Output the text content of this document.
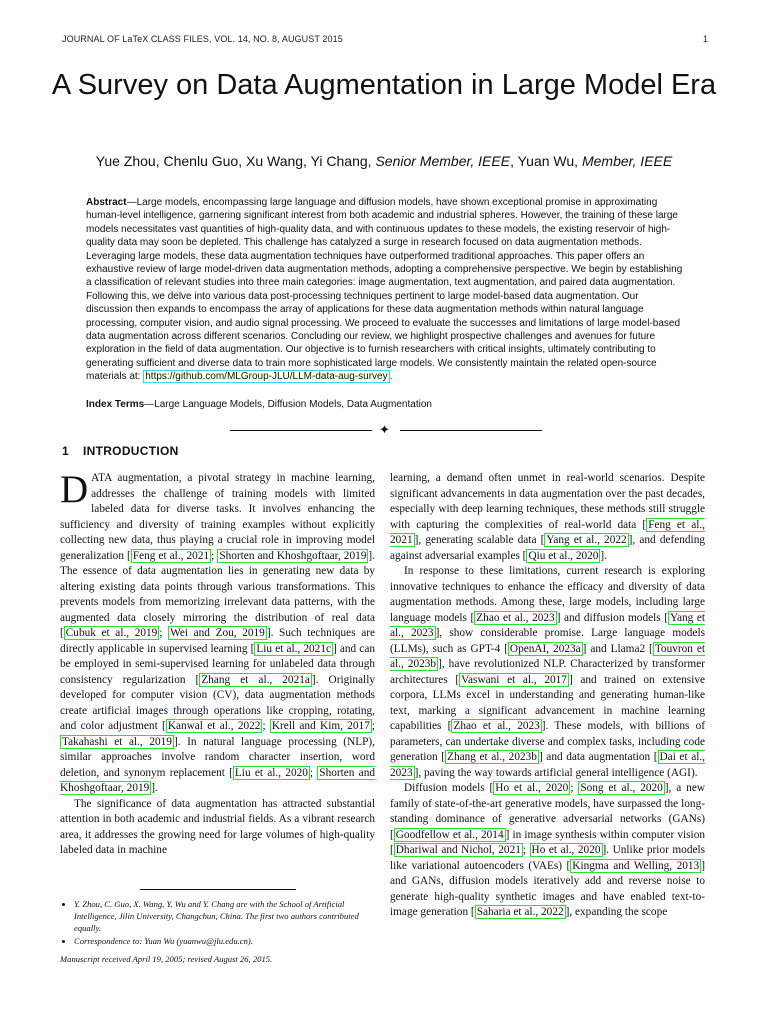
JOURNAL OF LaTeX CLASS FILES, VOL. 14, NO. 8, AUGUST 2015	1
A Survey on Data Augmentation in Large Model Era
Yue Zhou, Chenlu Guo, Xu Wang, Yi Chang, Senior Member, IEEE, Yuan Wu, Member, IEEE
Abstract—Large models, encompassing large language and diffusion models, have shown exceptional promise in approximating human-level intelligence, garnering significant interest from both academic and industrial spheres. However, the training of these large models necessitates vast quantities of high-quality data, and with continuous updates to these models, the existing reservoir of high-quality data may soon be depleted. This challenge has catalyzed a surge in research focused on data augmentation methods. Leveraging large models, these data augmentation techniques have outperformed traditional approaches. This paper offers an exhaustive review of large model-driven data augmentation methods, adopting a comprehensive perspective. We begin by establishing a classification of relevant studies into three main categories: image augmentation, text augmentation, and paired data augmentation. Following this, we delve into various data post-processing techniques pertinent to large model-based data augmentation. Our discussion then expands to encompass the array of applications for these data augmentation methods within natural language processing, computer vision, and audio signal processing. We proceed to evaluate the successes and limitations of large model-based data augmentation across different scenarios. Concluding our review, we highlight prospective challenges and avenues for future exploration in the field of data augmentation. Our objective is to furnish researchers with critical insights, ultimately contributing to generating sufficient and diverse data to train more sophisticated large models. We consistently maintain the related open-source materials at: https://github.com/MLGroup-JLU/LLM-data-aug-survey .
Index Terms—Large Language Models, Diffusion Models, Data Augmentation
✦
1 INTRODUCTION

DATA augmentation, a pivotal strategy in machine learning, addresses the challenge of training models with limited labeled data for diverse tasks. It involves enhancing the sufficiency and diversity of training examples without explicitly collecting new data, thus playing a crucial role in improving model generalization [ Feng et al., 2021 ; Shorten and Khoshgoftaar, 2019 ]. The essence of data augmentation lies in generating new data by altering existing data points through various transformations. This prevents models from memorizing irrelevant data patterns, with the augmented data closely mirroring the distribution of real data [ Cubuk et al., 2019 ; Wei and Zou, 2019 ]. Such techniques are directly applicable in supervised learning [ Liu et al., 2021c ] and can be employed in semi-supervised learning for unlabeled data through consistency regularization [ Zhang et al., 2021a ]. Originally developed for computer vision (CV), data augmentation methods create artificial images through operations like cropping, rotating, and color adjustment [ Kanwal et al., 2022 ; Krell and Kim, 2017 ; Takahashi et al., 2019 ]. In natural language processing (NLP), similar approaches involve random character insertion, word deletion, and synonym replacement [ Liu et al., 2020 ; Shorten and Khoshgoftaar, 2019 ].

The significance of data augmentation has attracted substantial attention in both academic and industrial fields. As a vibrant research area, it addresses the growing need for large volumes of high-quality labeled data in machine

learning, a demand often unmet in real-world scenarios. Despite significant advancements in data augmentation over the past decades, especially with deep learning techniques, these methods still struggle with capturing the complexities of real-world data [ Feng et al., 2021 ], generating scalable data [ Yang et al., 2022 ], and defending against adversarial examples [ Qiu et al., 2020 ].

In response to these limitations, current research is exploring innovative techniques to enhance the efficacy and diversity of data augmentation methods. Among these, large models, including large language models [ Zhao et al., 2023 ] and diffusion models [ Yang et al., 2023 ], show considerable promise. Large language models (LLMs), such as GPT-4 [ OpenAI, 2023a ] and Llama2 [ Touvron et al., 2023b ], have revolutionized NLP. Characterized by transformer architectures [ Vaswani et al., 2017 ] and trained on extensive corpora, LLMs excel in understanding and generating human-like text, marking a significant advancement in machine learning capabilities [ Zhao et al., 2023 ]. These models, with billions of parameters, can undertake diverse and complex tasks, including code generation [ Zhang et al., 2023b ] and data augmentation [ Dai et al., 2023 ], paving the way towards artificial general intelligence (AGI).

Diffusion models [ Ho et al., 2020 ; Song et al., 2020 ], a new family of state-of-the-art generative models, have surpassed the long-standing dominance of generative adversarial networks (GANs) [ Goodfellow et al., 2014 ] in image synthesis within computer vision [ Dhariwal and Nichol, 2021 ; Ho et al., 2020 ]. Unlike prior models like variational autoencoders (VAEs) [ Kingma and Welling, 2013 ] and GANs, diffusion models iteratively add and reverse noise to generate high-quality synthetic images and have enabled text-to-image generation [ Saharia et al., 2022 ], expanding the scope

• Y. Zhou, C. Guo, X. Wang, Y. Wu and Y. Chang are with the School of Artificial Intelligence, Jilin University, Changchun, China. The first two authors contributed equally.
• Correspondence to: Yuan Wu (yuanwu@jlu.edu.cn).
Manuscript received April 19, 2005; revised August 26, 2015.
